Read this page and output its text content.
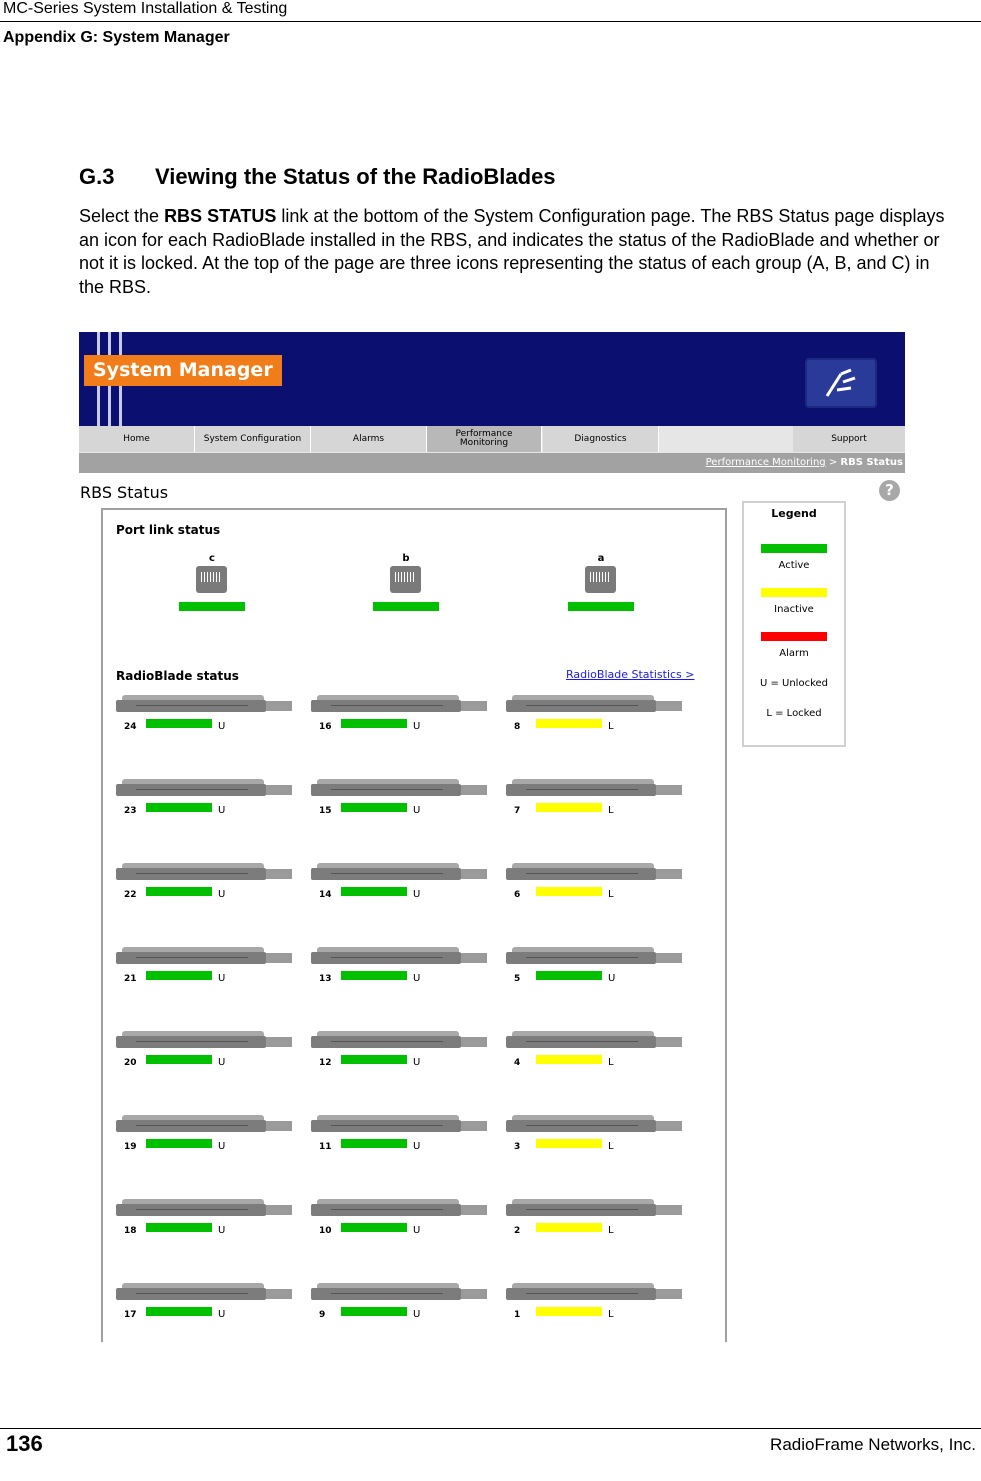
MC-Series System Installation & Testing
Appendix G: System Manager
G.3 Viewing the Status of the RadioBlades
Select the RBS STATUS link at the bottom of the System Configuration page. The RBS Status page displays an icon for each RadioBlade installed in the RBS, and indicates the status of the RadioBlade and whether or not it is locked. At the top of the page are three icons representing the status of each group (A, B, and C) in the RBS.
System Manager
Home	System Configuration	Alarms	Performance Monitoring	Diagnostics	Support
Performance Monitoring > RBS Status
RBS Status	?
Port link status
c	b	a
RadioBlade status	RadioBlade Statistics >
24	U	16	U	8	L
23	U	15	U	7	L
22	U	14	U	6	L
21	U	13	U	5	U
20	U	12	U	4	L
19	U	11	U	3	L
18	U	10	U	2	L
17	U	9	U	1	L
Legend
Active
Inactive
Alarm
U = Unlocked
L = Locked
136	RadioFrame Networks, Inc.
